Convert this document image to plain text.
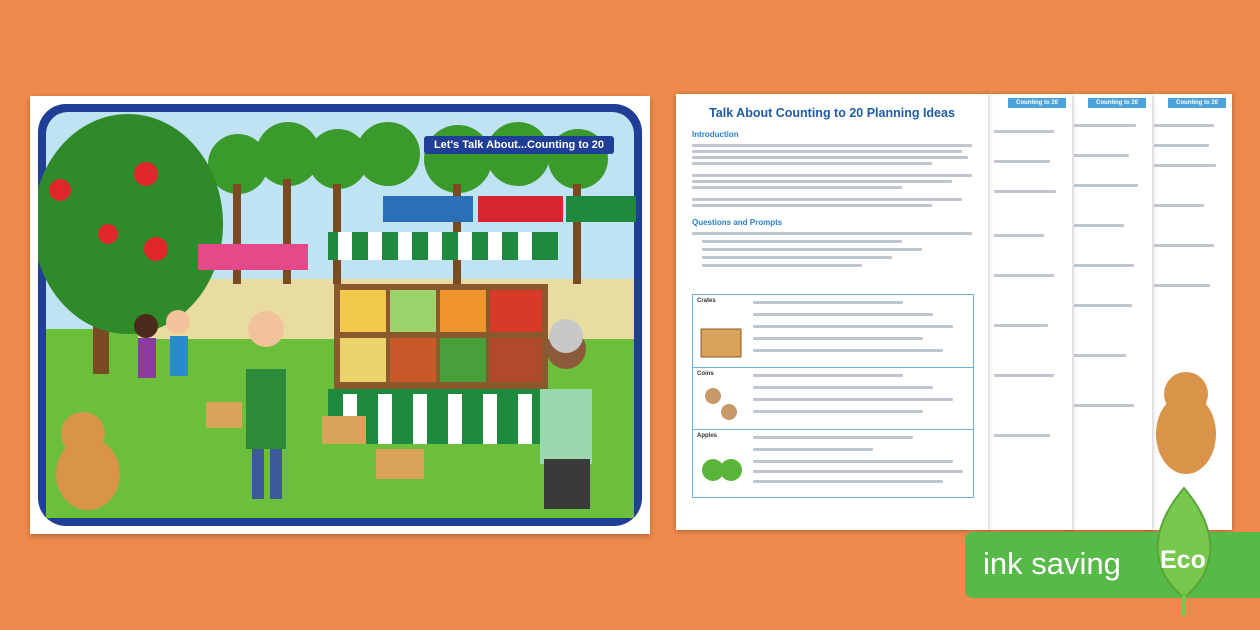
Let's Talk About...Counting to 20
Counting to 20
Counting to 20
Counting to 20
Talk About Counting to 20 Planning Ideas
Introduction
Questions and Prompts
Crates
Coins
Apples
ink saving Eco
